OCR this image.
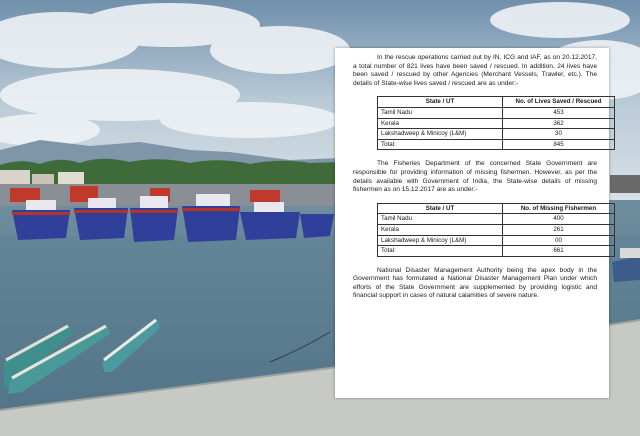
In the rescue operations carried out by IN, ICG and IAF, as on 20.12.2017, a total number of 821 lives have been saved / rescued. In addition, 24 lives have been saved / rescued by other Agencies (Merchant Vessels, Trawler, etc.). The details of State-wise lives saved / rescued are as under:-

State / UT	No. of Lives Saved / Rescued
Tamil Nadu	453
Kerala	362
Lakshadweep & Minicoy (L&M)	30
Total:	845

The Fisheries Department of the concerned State Government are responsible for providing information of missing fishermen. However, as per the details available with Government of India, the State-wise details of missing fishermen as on 15.12.2017 are as under:-

State / UT	No. of Missing Fishermen
Tamil Nadu	400
Kerala	261
Lakshadweep & Minicoy (L&M)	00
Total:	661

National Disaster Management Authority being the apex body in the Government has formulated a National Disaster Management Plan under which efforts of the State Government are supplemented by providing logistic and financial support in cases of natural calamities of severe nature.
